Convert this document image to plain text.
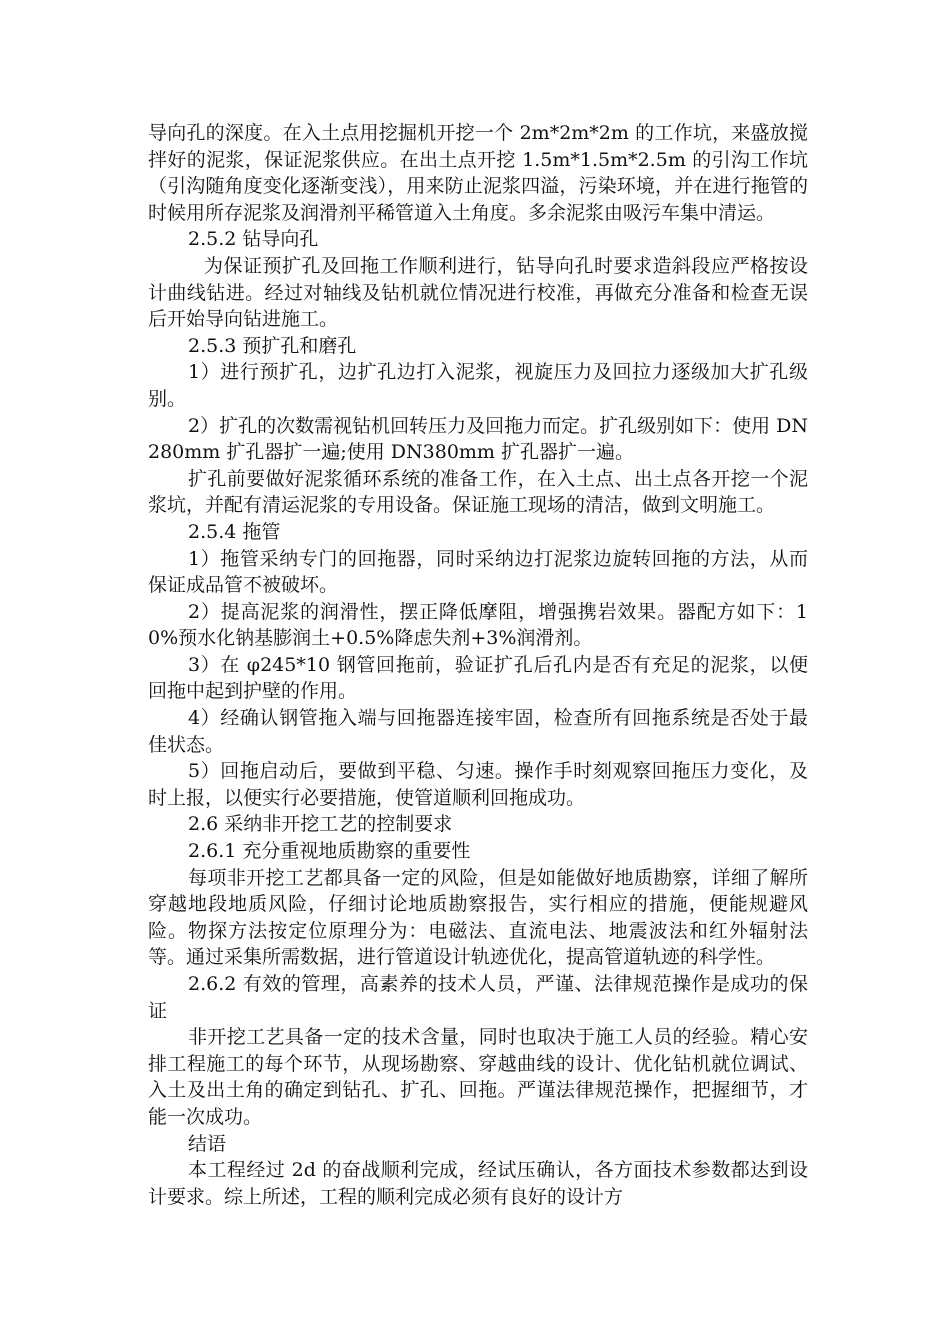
导向孔的深度。在入土点用挖掘机开挖一个 2m*2m*2m 的工作坑，来盛放搅拌好的泥浆，保证泥浆供应。在出土点开挖 1.5m*1.5m*2.5m 的引沟工作坑（引沟随角度变化逐渐变浅），用来防止泥浆四溢，污染环境，并在进行拖管的时候用所存泥浆及润滑剂平稀管道入土角度。多余泥浆由吸污车集中清运。

2.5.2 钻导向孔

为保证预扩孔及回拖工作顺利进行，钻导向孔时要求造斜段应严格按设计曲线钻进。经过对轴线及钻机就位情况进行校准，再做充分准备和检查无误后开始导向钻进施工。

2.5.3 预扩孔和磨孔

1）进行预扩孔，边扩孔边打入泥浆，视旋压力及回拉力逐级加大扩孔级别。

2）扩孔的次数需视钻机回转压力及回拖力而定。扩孔级别如下：使用 DN280mm 扩孔器扩一遍;使用 DN380mm 扩孔器扩一遍。

扩孔前要做好泥浆循环系统的准备工作，在入土点、出土点各开挖一个泥浆坑，并配有清运泥浆的专用设备。保证施工现场的清洁，做到文明施工。

2.5.4 拖管

1）拖管采纳专门的回拖器，同时采纳边打泥浆边旋转回拖的方法，从而保证成品管不被破坏。

2）提高泥浆的润滑性，摆正降低摩阻，增强携岩效果。器配方如下：10%预水化钠基膨润土+0.5%降虑失剂+3%润滑剂。

3）在 φ245*10 钢管回拖前，验证扩孔后孔内是否有充足的泥浆，以便回拖中起到护壁的作用。

4）经确认钢管拖入端与回拖器连接牢固，检查所有回拖系统是否处于最佳状态。

5）回拖启动后，要做到平稳、匀速。操作手时刻观察回拖压力变化，及时上报，以便实行必要措施，使管道顺利回拖成功。

2.6 采纳非开挖工艺的控制要求

2.6.1 充分重视地质勘察的重要性

每项非开挖工艺都具备一定的风险，但是如能做好地质勘察，详细了解所穿越地段地质风险，仔细讨论地质勘察报告，实行相应的措施，便能规避风险。物探方法按定位原理分为：电磁法、直流电法、地震波法和红外辐射法等。通过采集所需数据，进行管道设计轨迹优化，提高管道轨迹的科学性。

2.6.2 有效的管理，高素养的技术人员，严谨、法律规范操作是成功的保证

非开挖工艺具备一定的技术含量，同时也取决于施工人员的经验。精心安排工程施工的每个环节，从现场勘察、穿越曲线的设计、优化钻机就位调试、入土及出土角的确定到钻孔、扩孔、回拖。严谨法律规范操作，把握细节，才能一次成功。

结语

本工程经过 2d 的奋战顺利完成，经试压确认，各方面技术参数都达到设计要求。综上所述，工程的顺利完成必须有良好的设计方
